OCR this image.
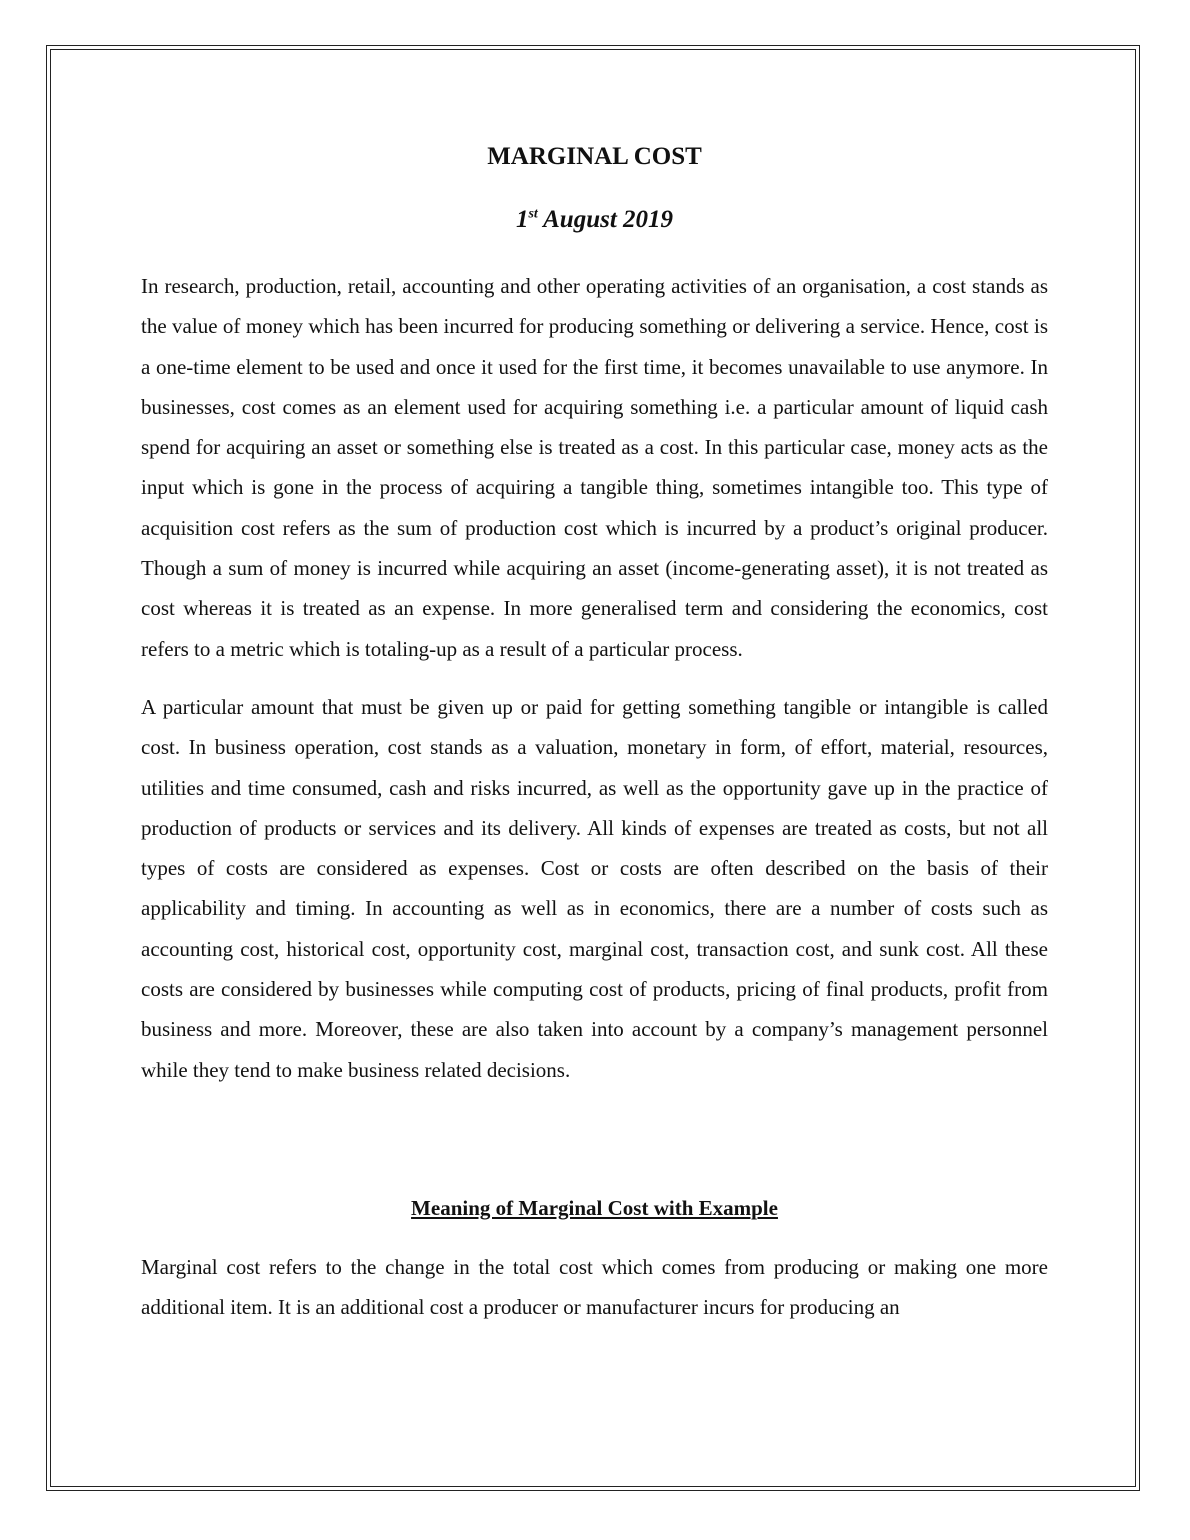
MARGINAL COST
1st August 2019

In research, production, retail, accounting and other operating activities of an organisation, a cost stands as the value of money which has been incurred for producing something or delivering a service. Hence, cost is a one-time element to be used and once it used for the first time, it becomes unavailable to use anymore. In businesses, cost comes as an element used for acquiring something i.e. a particular amount of liquid cash spend for acquiring an asset or something else is treated as a cost. In this particular case, money acts as the input which is gone in the process of acquiring a tangible thing, sometimes intangible too. This type of acquisition cost refers as the sum of production cost which is incurred by a product’s original producer. Though a sum of money is incurred while acquiring an asset (income-generating asset), it is not treated as cost whereas it is treated as an expense. In more generalised term and considering the economics, cost refers to a metric which is totaling-up as a result of a particular process.

A particular amount that must be given up or paid for getting something tangible or intangible is called cost. In business operation, cost stands as a valuation, monetary in form, of effort, material, resources, utilities and time consumed, cash and risks incurred, as well as the opportunity gave up in the practice of production of products or services and its delivery. All kinds of expenses are treated as costs, but not all types of costs are considered as expenses. Cost or costs are often described on the basis of their applicability and timing. In accounting as well as in economics, there are a number of costs such as accounting cost, historical cost, opportunity cost, marginal cost, transaction cost, and sunk cost. All these costs are considered by businesses while computing cost of products, pricing of final products, profit from business and more. Moreover, these are also taken into account by a company’s management personnel while they tend to make business related decisions.

Meaning of Marginal Cost with Example

Marginal cost refers to the change in the total cost which comes from producing or making one more additional item. It is an additional cost a producer or manufacturer incurs for producing an
